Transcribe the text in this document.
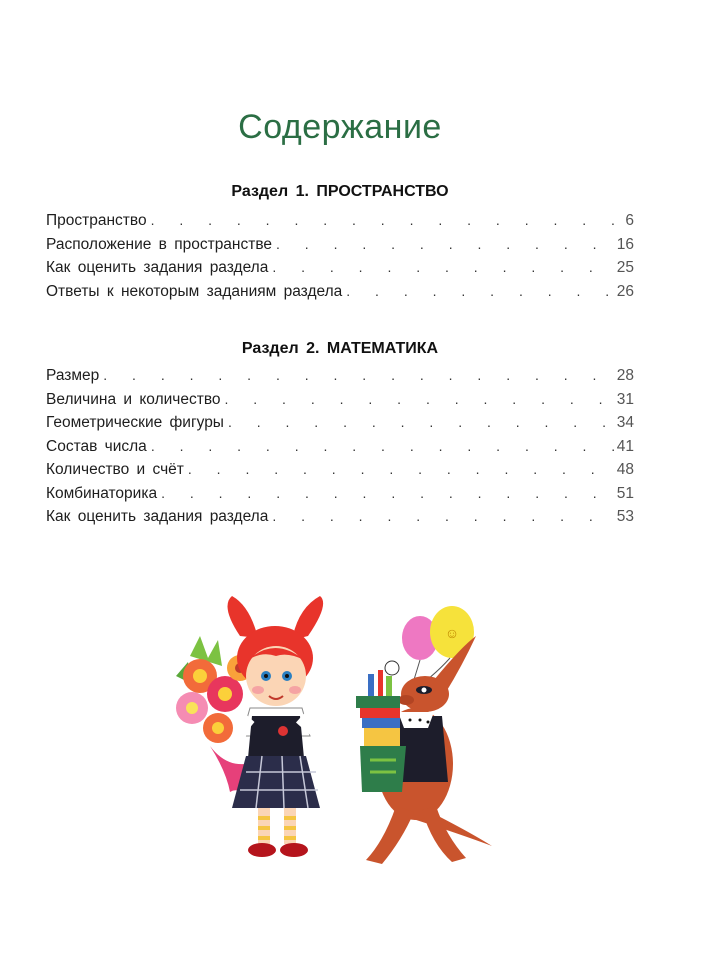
Содержание
Раздел 1. ПРОСТРАНСТВО
Пространство . . .	6
Расположение в пространстве . . .	16
Как оценить задания раздела . . .	25
Ответы к некоторым заданиям раздела . . .	26
Раздел 2. МАТЕМАТИКА
Размер . . .	28
Величина и количество . . .	31
Геометрические фигуры . . .	34
Состав числа . . .	41
Количество и счёт . . .	48
Комбинаторика . . .	51
Как оценить задания раздела . . .	53
☺
